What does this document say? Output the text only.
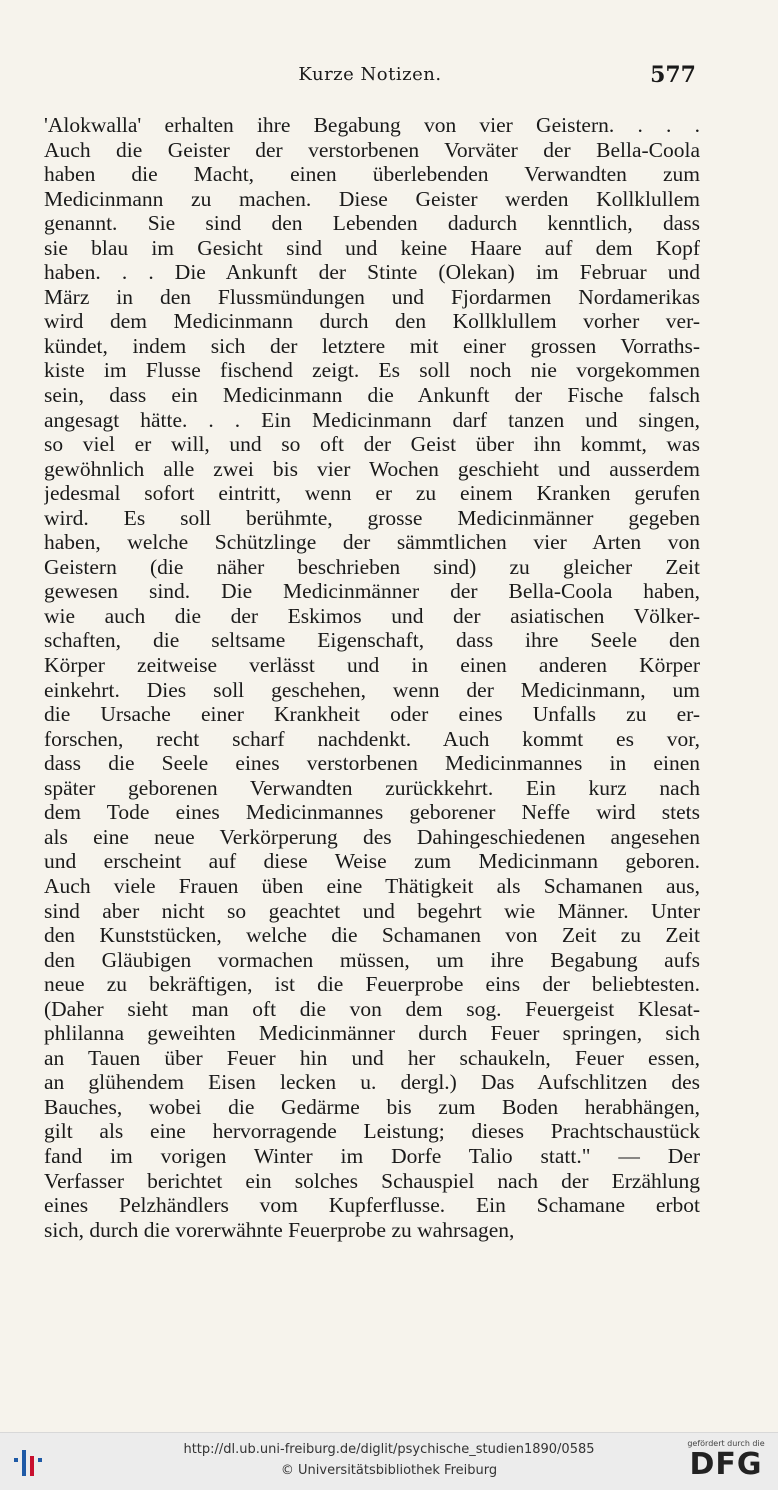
Kurze Notizen.	577
'Alokwalla' erhalten ihre Begabung von vier Geistern. . . .
Auch die Geister der verstorbenen Vorväter der Bella-Coola
haben die Macht, einen überlebenden Verwandten zum
Medicinmann zu machen. Diese Geister werden Kollklullem
genannt. Sie sind den Lebenden dadurch kenntlich, dass
sie blau im Gesicht sind und keine Haare auf dem Kopf
haben. . . Die Ankunft der Stinte (Olekan) im Februar und
März in den Flussmündungen und Fjordarmen Nordamerikas
wird dem Medicinmann durch den Kollklullem vorher ver-
kündet, indem sich der letztere mit einer grossen Vorraths-
kiste im Flusse fischend zeigt. Es soll noch nie vorgekommen
sein, dass ein Medicinmann die Ankunft der Fische falsch
angesagt hätte. . . Ein Medicinmann darf tanzen und singen,
so viel er will, und so oft der Geist über ihn kommt, was
gewöhnlich alle zwei bis vier Wochen geschieht und ausserdem
jedesmal sofort eintritt, wenn er zu einem Kranken gerufen
wird. Es soll berühmte, grosse Medicinmänner gegeben
haben, welche Schützlinge der sämmtlichen vier Arten von
Geistern (die näher beschrieben sind) zu gleicher Zeit
gewesen sind. Die Medicinmänner der Bella-Coola haben,
wie auch die der Eskimos und der asiatischen Völker-
schaften, die seltsame Eigenschaft, dass ihre Seele den
Körper zeitweise verlässt und in einen anderen Körper
einkehrt. Dies soll geschehen, wenn der Medicinmann, um
die Ursache einer Krankheit oder eines Unfalls zu er-
forschen, recht scharf nachdenkt. Auch kommt es vor,
dass die Seele eines verstorbenen Medicinmannes in einen
später geborenen Verwandten zurückkehrt. Ein kurz nach
dem Tode eines Medicinmannes geborener Neffe wird stets
als eine neue Verkörperung des Dahingeschiedenen angesehen
und erscheint auf diese Weise zum Medicinmann geboren.
Auch viele Frauen üben eine Thätigkeit als Schamanen aus,
sind aber nicht so geachtet und begehrt wie Männer. Unter
den Kunststücken, welche die Schamanen von Zeit zu Zeit
den Gläubigen vormachen müssen, um ihre Begabung aufs
neue zu bekräftigen, ist die Feuerprobe eins der beliebtesten.
(Daher sieht man oft die von dem sog. Feuergeist Klesat-
phlilanna geweihten Medicinmänner durch Feuer springen, sich
an Tauen über Feuer hin und her schaukeln, Feuer essen,
an glühendem Eisen lecken u. dergl.) Das Aufschlitzen des
Bauches, wobei die Gedärme bis zum Boden herabhängen,
gilt als eine hervorragende Leistung; dieses Prachtschaustück
fand im vorigen Winter im Dorfe Talio statt." — Der
Verfasser berichtet ein solches Schauspiel nach der Erzählung
eines Pelzhändlers vom Kupferflusse. Ein Schamane erbot
sich, durch die vorerwähnte Feuerprobe zu wahrsagen,
http://dl.ub.uni-freiburg.de/diglit/psychische_studien1890/0585
© Universitätsbibliothek Freiburg
gefördert durch die
DFG
